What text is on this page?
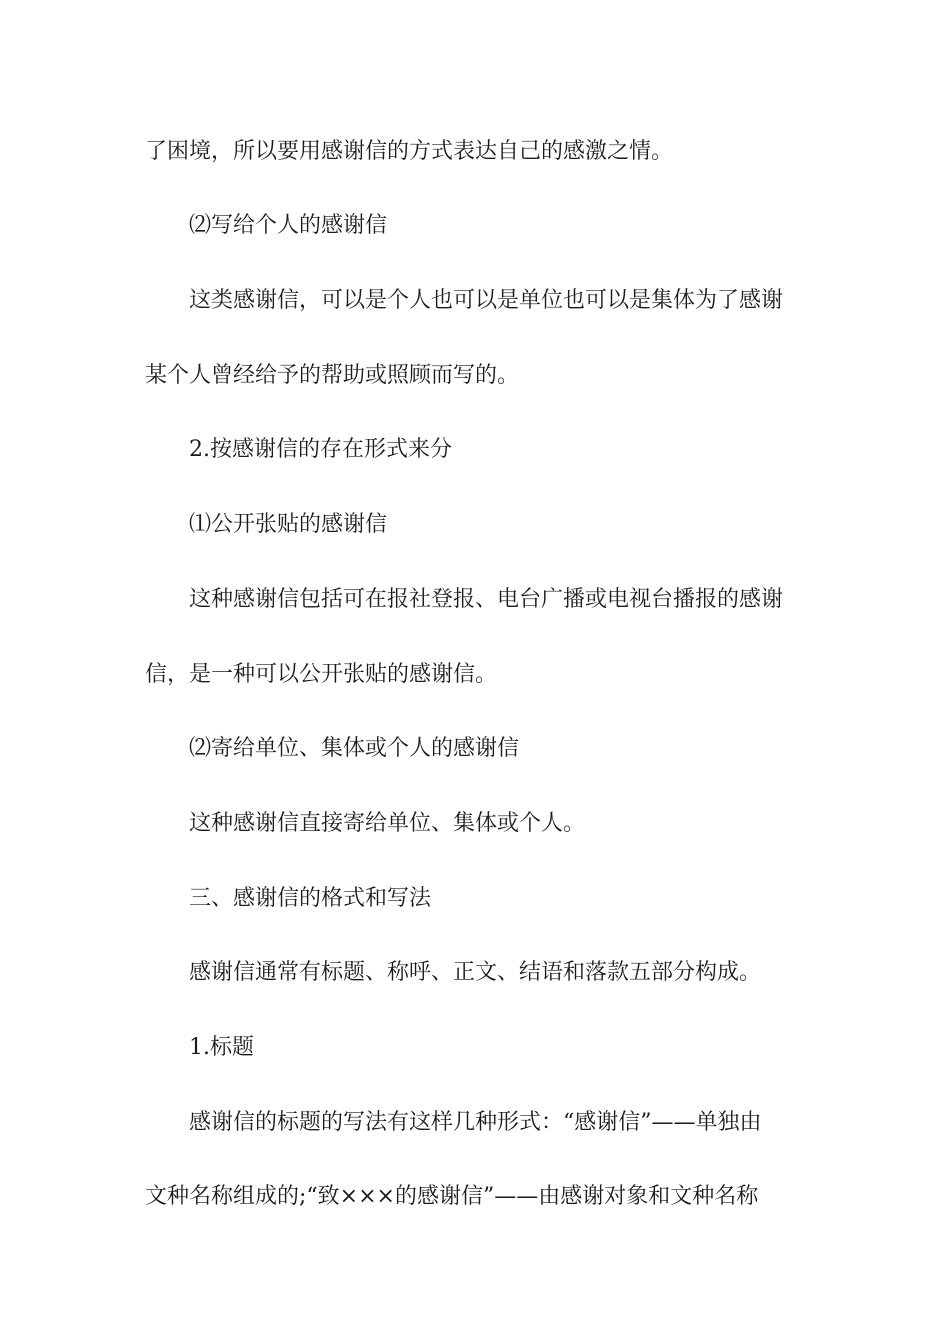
了困境，所以要用感谢信的方式表达自己的感激之情。
⑵写给个人的感谢信
这类感谢信，可以是个人也可以是单位也可以是集体为了感谢
某个人曾经给予的帮助或照顾而写的。
2.按感谢信的存在形式来分
⑴公开张贴的感谢信
这种感谢信包括可在报社登报、电台广播或电视台播报的感谢
信，是一种可以公开张贴的感谢信。
⑵寄给单位、集体或个人的感谢信
这种感谢信直接寄给单位、集体或个人。
三、感谢信的格式和写法
感谢信通常有标题、称呼、正文、结语和落款五部分构成。
1.标题
感谢信的标题的写法有这样几种形式：“感谢信”——单独由
文种名称组成的;“致×××的感谢信”——由感谢对象和文种名称
